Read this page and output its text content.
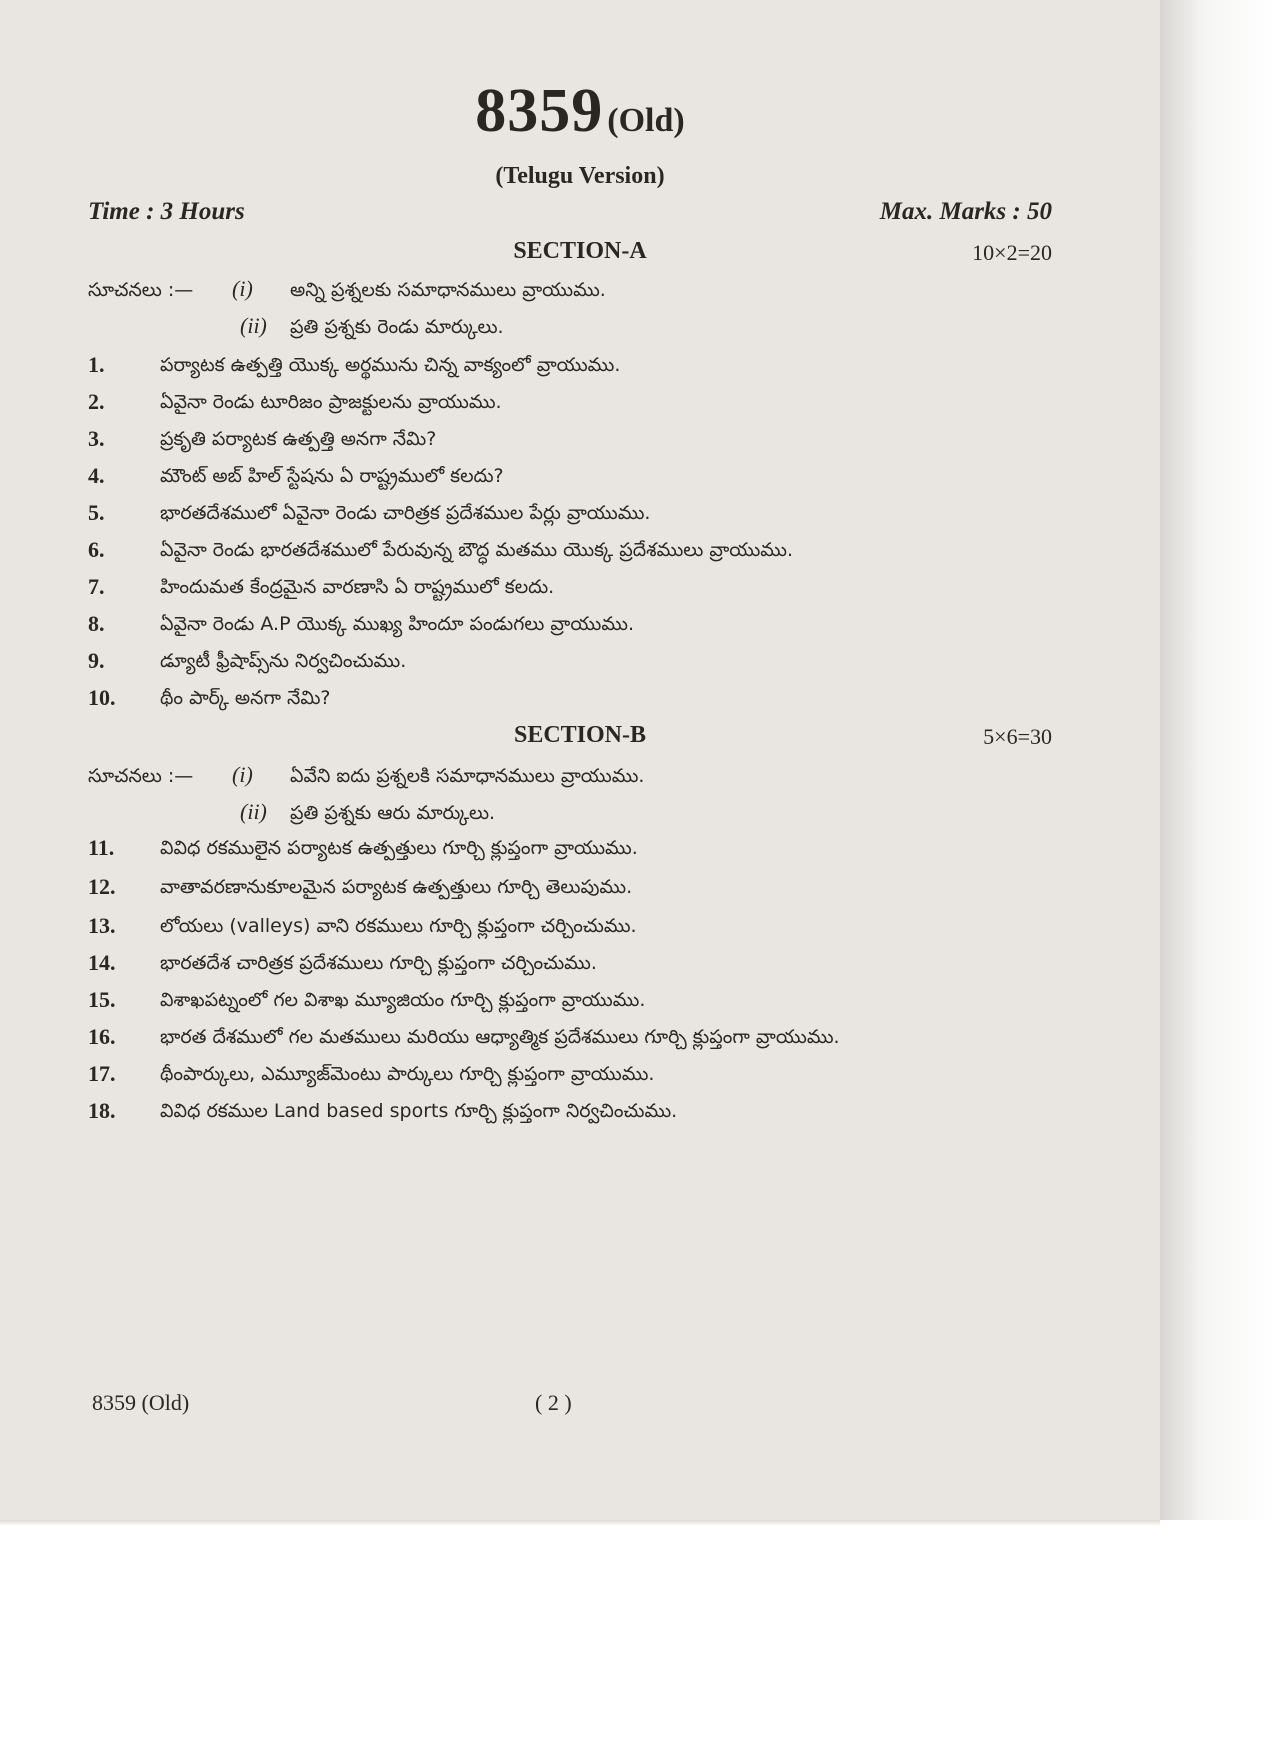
8359 (Old)
(Telugu Version)
Time : 3 Hours	Max. Marks : 50
SECTION-A	10×2=20
సూచనలు :— (i) అన్ని ప్రశ్నలకు సమాధానములు వ్రాయుము.
(ii) ప్రతి ప్రశ్నకు రెండు మార్కులు.
1.	పర్యాటక ఉత్పత్తి యొక్క అర్థమును చిన్న వాక్యంలో వ్రాయుము.
2.	ఏవైనా రెండు టూరిజం ప్రాజక్టులను వ్రాయుము.
3.	ప్రకృతి పర్యాటక ఉత్పత్తి అనగా నేమి?
4.	మౌంట్ అబ్ హిల్ స్టేషను ఏ రాష్ట్రములో కలదు?
5.	భారతదేశములో ఏవైనా రెండు చారిత్రక ప్రదేశముల పేర్లు వ్రాయుము.
6.	ఏవైనా రెండు భారతదేశములో పేరువున్న బౌద్ధ మతము యొక్క ప్రదేశములు వ్రాయుము.
7.	హిందుమత కేంద్రమైన వారణాసి ఏ రాష్ట్రములో కలదు.
8.	ఏవైనా రెండు A.P యొక్క ముఖ్య హిందూ పండుగలు వ్రాయుము.
9.	డ్యూటీ ఫ్రీషాప్స్‌ను నిర్వచించుము.
10. థీం పార్క్ అనగా నేమి?
SECTION-B	5×6=30
సూచనలు :— (i) ఏవేని ఐదు ప్రశ్నలకి సమాధానములు వ్రాయుము.
(ii) ప్రతి ప్రశ్నకు ఆరు మార్కులు.
11. వివిధ రకములైన పర్యాటక ఉత్పత్తులు గూర్చి క్లుప్తంగా వ్రాయుము.
12. వాతావరణానుకూలమైన పర్యాటక ఉత్పత్తులు గూర్చి తెలుపుము.
13. లోయలు (valleys) వాని రకములు గూర్చి క్లుప్తంగా చర్చించుము.
14. భారతదేశ చారిత్రక ప్రదేశములు గూర్చి క్లుప్తంగా చర్చించుము.
15. విశాఖపట్నంలో గల విశాఖ మ్యూజియం గూర్చి క్లుప్తంగా వ్రాయుము.
16. భారత దేశములో గల మతములు మరియు ఆధ్యాత్మిక ప్రదేశములు గూర్చి క్లుప్తంగా వ్రాయుము.
17. థీంపార్కులు, ఎమ్యూజ్‌మెంటు పార్కులు గూర్చి క్లుప్తంగా వ్రాయుము.
18. వివిధ రకముల Land based sports గూర్చి క్లుప్తంగా నిర్వచించుము.
8359 (Old)	( 2 )
